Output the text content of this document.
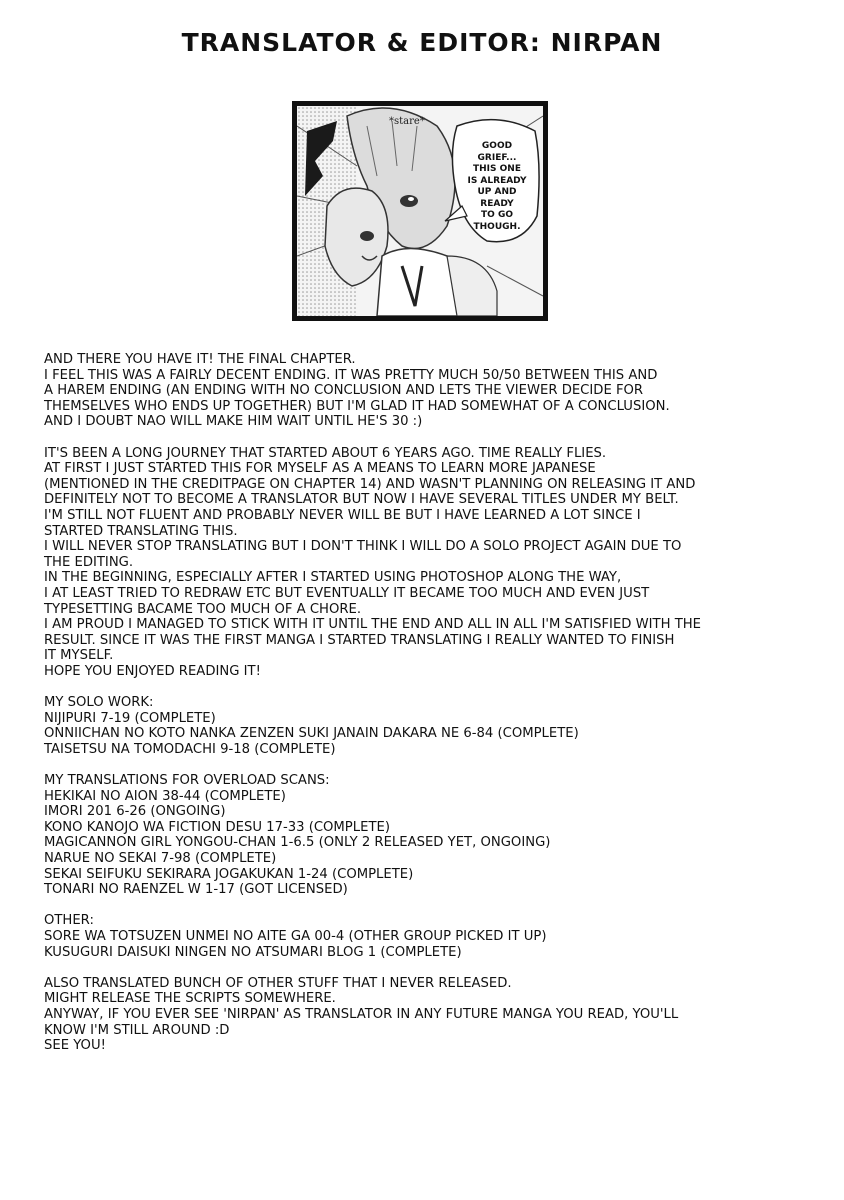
TRANSLATOR & EDITOR: NIRPAN
*stare*
GOOD
GRIEF...
THIS ONE
IS ALREADY
UP AND
READY
TO GO
THOUGH.
AND THERE YOU HAVE IT! THE FINAL CHAPTER.
I FEEL THIS WAS A FAIRLY DECENT ENDING. IT WAS PRETTY MUCH 50/50 BETWEEN THIS AND
A HAREM ENDING (AN ENDING WITH NO CONCLUSION AND LETS THE VIEWER DECIDE FOR
THEMSELVES WHO ENDS UP TOGETHER) BUT I'M GLAD IT HAD SOMEWHAT OF A CONCLUSION.
AND I DOUBT NAO WILL MAKE HIM WAIT UNTIL HE'S 30 :)
IT'S BEEN A LONG JOURNEY THAT STARTED ABOUT 6 YEARS AGO. TIME REALLY FLIES.
AT FIRST I JUST STARTED THIS FOR MYSELF AS A MEANS TO LEARN MORE JAPANESE
(MENTIONED IN THE CREDITPAGE ON CHAPTER 14) AND WASN'T PLANNING ON RELEASING IT AND
DEFINITELY NOT TO BECOME A TRANSLATOR BUT NOW I HAVE SEVERAL TITLES UNDER MY BELT.
I'M STILL NOT FLUENT AND PROBABLY NEVER WILL BE BUT I HAVE LEARNED A LOT SINCE I
STARTED TRANSLATING THIS.
I WILL NEVER STOP TRANSLATING BUT I DON'T THINK I WILL DO A SOLO PROJECT AGAIN DUE TO
THE EDITING.
IN THE BEGINNING, ESPECIALLY AFTER I STARTED USING PHOTOSHOP ALONG THE WAY,
I AT LEAST TRIED TO REDRAW ETC BUT EVENTUALLY IT BECAME TOO MUCH AND EVEN JUST
TYPESETTING BACAME TOO MUCH OF A CHORE.
I AM PROUD I MANAGED TO STICK WITH IT UNTIL THE END AND ALL IN ALL I'M SATISFIED WITH THE
RESULT. SINCE IT WAS THE FIRST MANGA I STARTED TRANSLATING I REALLY WANTED TO FINISH
IT MYSELF.
HOPE YOU ENJOYED READING IT!
MY SOLO WORK:
NIJIPURI 7-19 (COMPLETE)
ONNIICHAN NO KOTO NANKA ZENZEN SUKI JANAIN DAKARA NE 6-84 (COMPLETE)
TAISETSU NA TOMODACHI 9-18 (COMPLETE)
MY TRANSLATIONS FOR OVERLOAD SCANS:
HEKIKAI NO AION 38-44 (COMPLETE)
IMORI 201 6-26 (ONGOING)
KONO KANOJO WA FICTION DESU 17-33 (COMPLETE)
MAGICANNON GIRL YONGOU-CHAN 1-6.5 (ONLY 2 RELEASED YET, ONGOING)
NARUE NO SEKAI 7-98 (COMPLETE)
SEKAI SEIFUKU SEKIRARA JOGAKUKAN 1-24 (COMPLETE)
TONARI NO RAENZEL W 1-17 (GOT LICENSED)
OTHER:
SORE WA TOTSUZEN UNMEI NO AITE GA 00-4 (OTHER GROUP PICKED IT UP)
KUSUGURI DAISUKI NINGEN NO ATSUMARI BLOG 1 (COMPLETE)
ALSO TRANSLATED BUNCH OF OTHER STUFF THAT I NEVER RELEASED.
MIGHT RELEASE THE SCRIPTS SOMEWHERE.
ANYWAY, IF YOU EVER SEE 'NIRPAN' AS TRANSLATOR IN ANY FUTURE MANGA YOU READ, YOU'LL
KNOW I'M STILL AROUND :D
SEE YOU!
